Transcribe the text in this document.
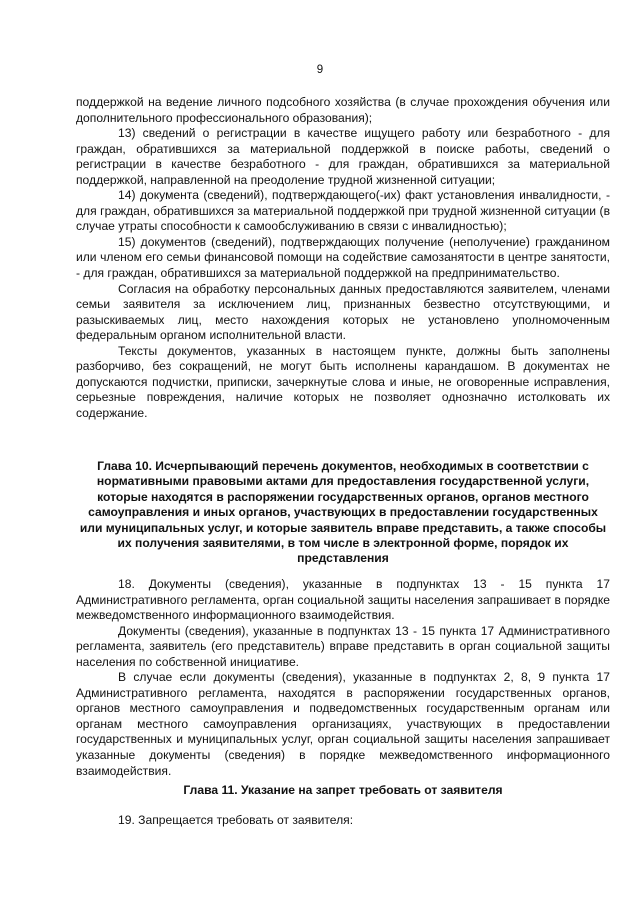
9

поддержкой на ведение личного подсобного хозяйства (в случае прохождения обучения или дополнительного профессионального образования);

13) сведений о регистрации в качестве ищущего работу или безработного - для граждан, обратившихся за материальной поддержкой в поиске работы, сведений о регистрации в качестве безработного - для граждан, обратившихся за материальной поддержкой, направленной на преодоление трудной жизненной ситуации;

14) документа (сведений), подтверждающего(-их) факт установления инвалидности, - для граждан, обратившихся за материальной поддержкой при трудной жизненной ситуации (в случае утраты способности к самообслуживанию в связи с инвалидностью);

15) документов (сведений), подтверждающих получение (неполучение) гражданином или членом его семьи финансовой помощи на содействие самозанятости в центре занятости, - для граждан, обратившихся за материальной поддержкой на предпринимательство.

Согласия на обработку персональных данных предоставляются заявителем, членами семьи заявителя за исключением лиц, признанных безвестно отсутствующими, и разыскиваемых лиц, место нахождения которых не установлено уполномоченным федеральным органом исполнительной власти.

Тексты документов, указанных в настоящем пункте, должны быть заполнены разборчиво, без сокращений, не могут быть исполнены карандашом. В документах не допускаются подчистки, приписки, зачеркнутые слова и иные, не оговоренные исправления, серьезные повреждения, наличие которых не позволяет однозначно истолковать их содержание.

Глава 10. Исчерпывающий перечень документов, необходимых в соответствии с нормативными правовыми актами для предоставления государственной услуги, которые находятся в распоряжении государственных органов, органов местного самоуправления и иных органов, участвующих в предоставлении государственных или муниципальных услуг, и которые заявитель вправе представить, а также способы их получения заявителями, в том числе в электронной форме, порядок их представления

18. Документы (сведения), указанные в подпунктах 13 - 15 пункта 17 Административного регламента, орган социальной защиты населения запрашивает в порядке межведомственного информационного взаимодействия.

Документы (сведения), указанные в подпунктах 13 - 15 пункта 17 Административного регламента, заявитель (его представитель) вправе представить в орган социальной защиты населения по собственной инициативе.

В случае если документы (сведения), указанные в подпунктах 2, 8, 9 пункта 17 Административного регламента, находятся в распоряжении государственных органов, органов местного самоуправления и подведомственных государственным органам или органам местного самоуправления организациях, участвующих в предоставлении государственных и муниципальных услуг, орган социальной защиты населения запрашивает указанные документы (сведения) в порядке межведомственного информационного взаимодействия.

Глава 11. Указание на запрет требовать от заявителя
19. Запрещается требовать от заявителя:
